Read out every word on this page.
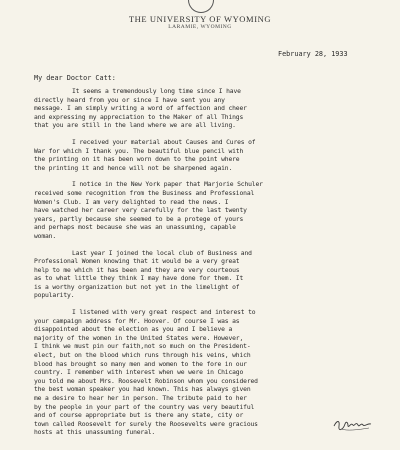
THE UNIVERSITY OF WYOMING
LARAMIE, WYOMING
February 28, 1933
My dear Doctor Catt:

It seems a tremendously long time since I have
directly heard from you or since I have sent you any
message. I am simply writing a word of affection and cheer
and expressing my appreciation to the Maker of all Things
that you are still in the land where we are all living.

I received your material about Causes and Cures of
War for which I thank you. The beautiful blue pencil with
the printing on it has been worn down to the point where
the printing it and hence will not be sharpened again.

I notice in the New York paper that Marjorie Schuler
received some recognition from the Business and Professional
Women's Club. I am very delighted to read the news. I
have watched her career very carefully for the last twenty
years, partly because she seemed to be a protege of yours
and perhaps most because she was an unassuming, capable
woman.

Last year I joined the local club of Business and
Professional Women knowing that it would be a very great
help to me which it has been and they are very courteous
as to what little they think I may have done for them. It
is a worthy organization but not yet in the limelight of
popularity.

I listened with very great respect and interest to
your campaign address for Mr. Hoover. Of course I was as
disappointed about the election as you and I believe a
majority of the women in the United States were. However,
I think we must pin our faith,not so much on the President-
elect, but on the blood which runs through his veins, which
blood has brought so many men and women to the fore in our
country. I remember with interest when we were in Chicago
you told me about Mrs. Roosevelt Robinson whom you considered
the best woman speaker you had known. This has always given
me a desire to hear her in person. The tribute paid to her
by the people in your part of the country was very beautiful
and of course appropriate but is there any state, city or
town called Roosevelt for surely the Roosevelts were gracious
hosts at this unassuming funeral.
